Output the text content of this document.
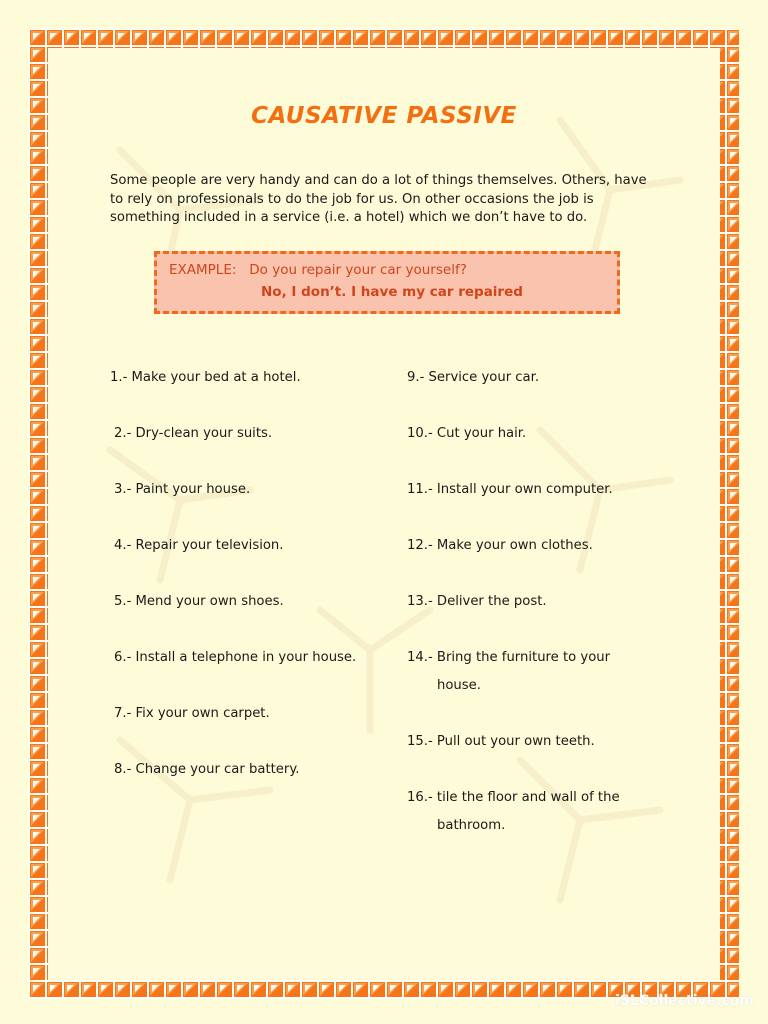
CAUSATIVE PASSIVE
Some people are very handy and can do a lot of things themselves. Others, have to rely on professionals to do the job for us. On other occasions the job is something included in a service (i.e. a hotel) which we don’t have to do.
EXAMPLE: Do you repair your car yourself?
No, I don’t. I have my car repaired
1.- Make your bed at a hotel.
2.- Dry-clean your suits.
3.- Paint your house.
4.- Repair your television.
5.- Mend your own shoes.
6.- Install a telephone in your house.
7.- Fix your own carpet.
8.- Change your car battery.
9.- Service your car.
10.- Cut your hair.
11.- Install your own computer.
12.- Make your own clothes.
13.- Deliver the post.
14.- Bring the furniture to your
house.
15.- Pull out your own teeth.
16.- tile the floor and wall of the
bathroom.
iSLCollective.com
